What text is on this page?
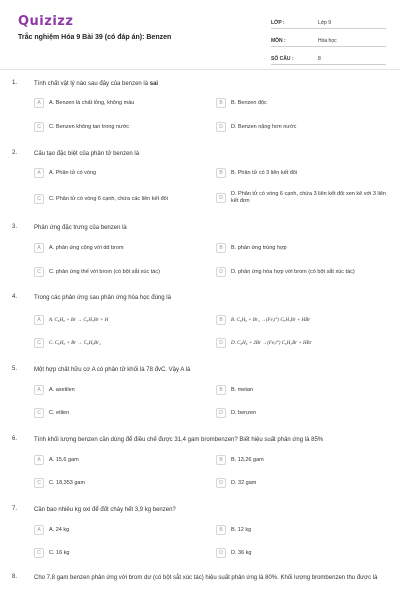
Quizizz
Trắc nghiệm Hóa 9 Bài 39 (có đáp án): Benzen
LỚP :	Lớp 9
MÔN :	Hóa học
SỐ CÂU :	8
1.	Tính chất vật lý nào sau đây của benzen là sai
A	A. Benzen là chất lỏng, không màu	B	B. Benzen độc
C	C. Benzen không tan trong nước	D	D. Benzen nặng hơn nước
2.	Cấu tạo đặc biệt của phân tử benzen là
A	A. Phân tử có vòng	B	B. Phân tử có 3 liên kết đôi
C	C. Phân tử có vòng 6 cạnh, chứa các liên kết đôi	D
D. Phân tử có vòng 6 cạnh, chứa 3 liên kết đôi xen kẽ với 3 liên kết đơn
3.	Phản ứng đặc trưng của benzen là
A	A. phản ứng cộng với dd brom	B	B. phản ứng trùng hợp
C	C. phản ứng thế với brom (có bột sắt xúc tác)	D	D. phản ứng hóa hợp với brom (có bột sắt xúc tác)
4.	Trong các phản ứng sau phản ứng hóa học đúng là
A	A. C₆H₆ + Br → C₆H₅Br + H	B	B. C₆H₆ + Br₂ →(Fe,t°) C₆H₅Br + HBr
C	C. C₆H₆ + Br → C₆H₆Br₂	D	D. C₆H₆ + 2Br →(Fe,t°) C₆H₅Br + HBr
5.	Một hợp chất hữu cơ A có phân tử khối là 78 đvC. Vậy A là
A	A. axetilen	B	B. metan
C	C. etilen	D	D. benzen
6.	Tính khối lượng benzen cần dùng để điều chế được 31,4 gam brombenzen? Biết hiệu suất phản ứng là 85%
A	A. 15,6 gam	B	B. 13,26 gam
C	C. 18,353 gam	D	D. 32 gam
7.	Cần bao nhiêu kg oxi để đốt cháy hết 3,9 kg benzen?
A	A. 24 kg	B	B. 12 kg
C	C. 16 kg	D	D. 36 kg
8.	Cho 7,8 gam benzen phản ứng với brom dư (có bột sắt xúc tác) hiệu suất phản ứng là 80%. Khối lượng brombenzen thu được là
